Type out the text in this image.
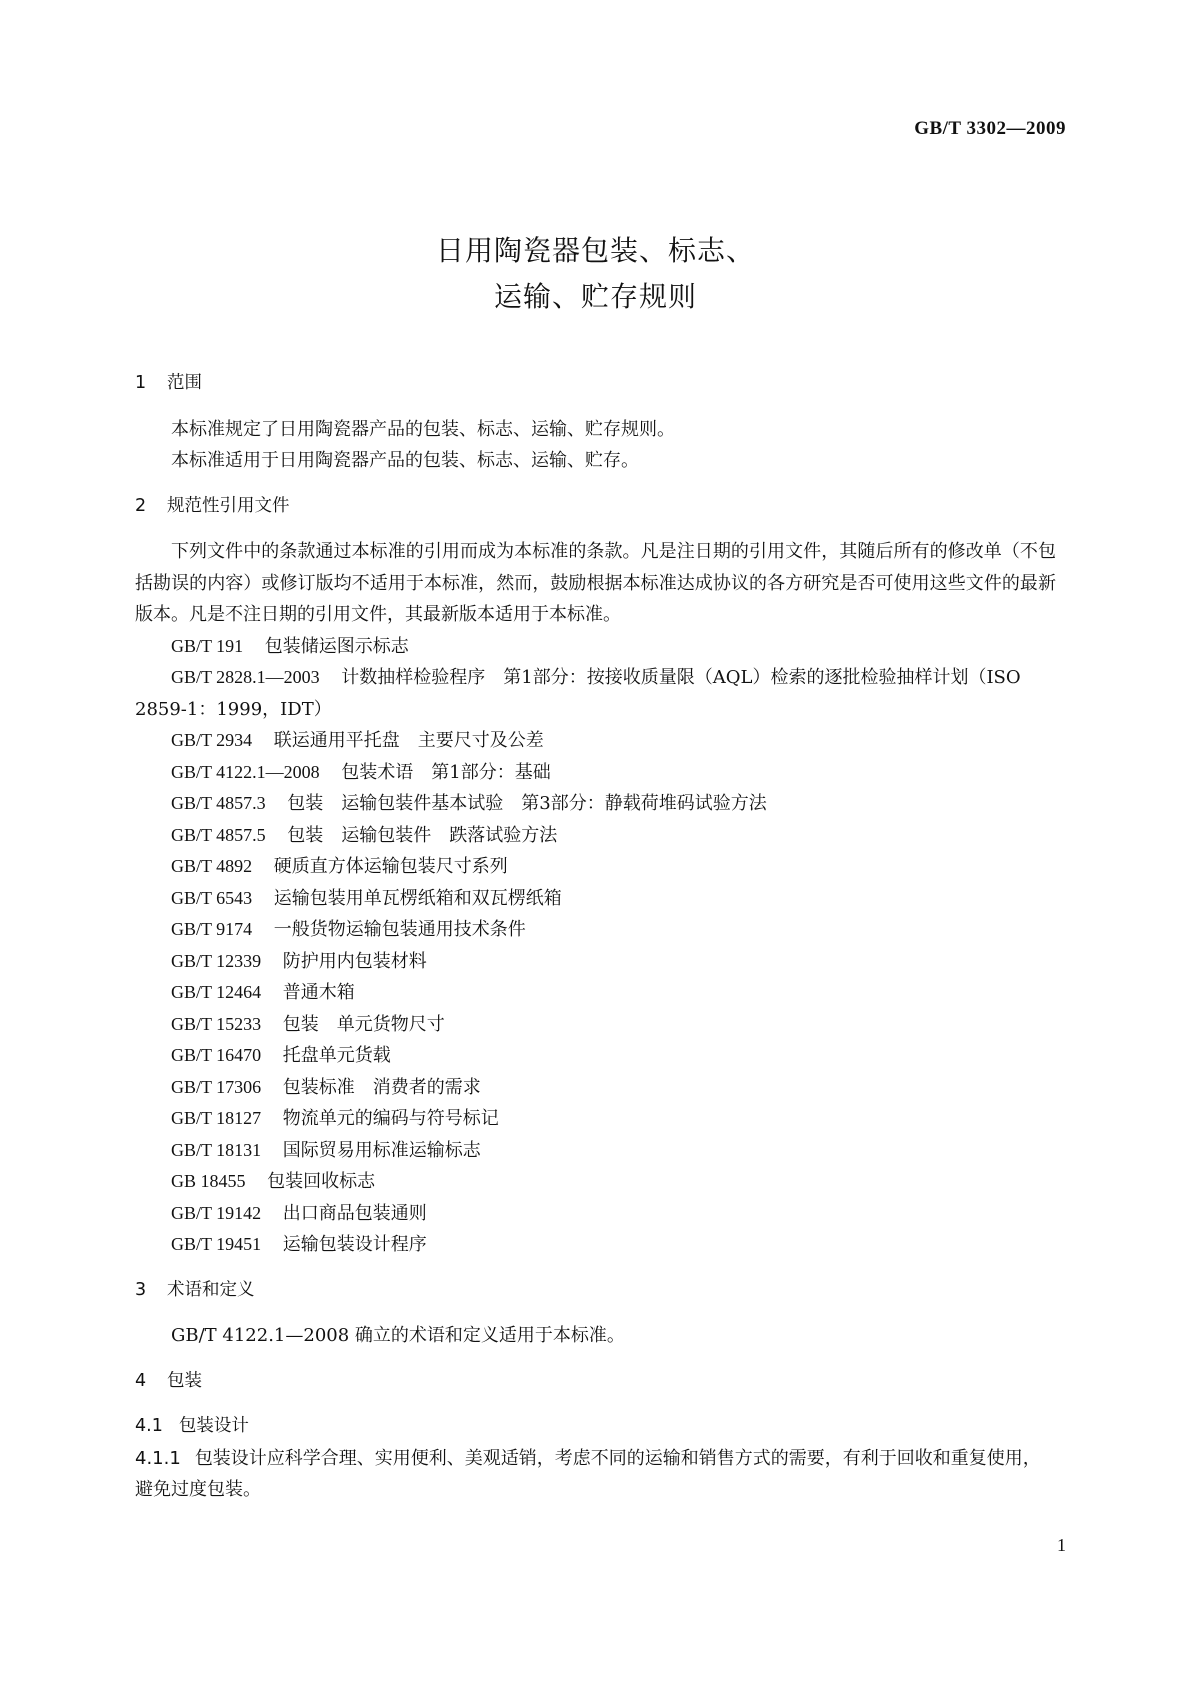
GB/T 3302—2009
日用陶瓷器包装、标志、
运输、贮存规则
1 范围
本标准规定了日用陶瓷器产品的包装、标志、运输、贮存规则。
本标准适用于日用陶瓷器产品的包装、标志、运输、贮存。
2 规范性引用文件
下列文件中的条款通过本标准的引用而成为本标准的条款。凡是注日期的引用文件，其随后所有的修改单（不包括勘误的内容）或修订版均不适用于本标准，然而，鼓励根据本标准达成协议的各方研究是否可使用这些文件的最新版本。凡是不注日期的引用文件，其最新版本适用于本标准。
GB/T 191 包装储运图示标志
GB/T 2828.1—2003 计数抽样检验程序　第1部分：按接收质量限（AQL）检索的逐批检验抽样计划（ISO 2859-1：1999，IDT）
GB/T 2934 联运通用平托盘　主要尺寸及公差
GB/T 4122.1—2008 包装术语　第1部分：基础
GB/T 4857.3 包装　运输包装件基本试验　第3部分：静载荷堆码试验方法
GB/T 4857.5 包装　运输包装件　跌落试验方法
GB/T 4892 硬质直方体运输包装尺寸系列
GB/T 6543 运输包装用单瓦楞纸箱和双瓦楞纸箱
GB/T 9174 一般货物运输包装通用技术条件
GB/T 12339 防护用内包装材料
GB/T 12464 普通木箱
GB/T 15233 包装　单元货物尺寸
GB/T 16470 托盘单元货载
GB/T 17306 包装标准　消费者的需求
GB/T 18127 物流单元的编码与符号标记
GB/T 18131 国际贸易用标准运输标志
GB 18455 包装回收标志
GB/T 19142 出口商品包装通则
GB/T 19451 运输包装设计程序
3 术语和定义
GB/T 4122.1—2008 确立的术语和定义适用于本标准。
4 包装
4.1 包装设计
4.1.1 包装设计应科学合理、实用便利、美观适销，考虑不同的运输和销售方式的需要，有利于回收和重复使用，避免过度包装。
1
